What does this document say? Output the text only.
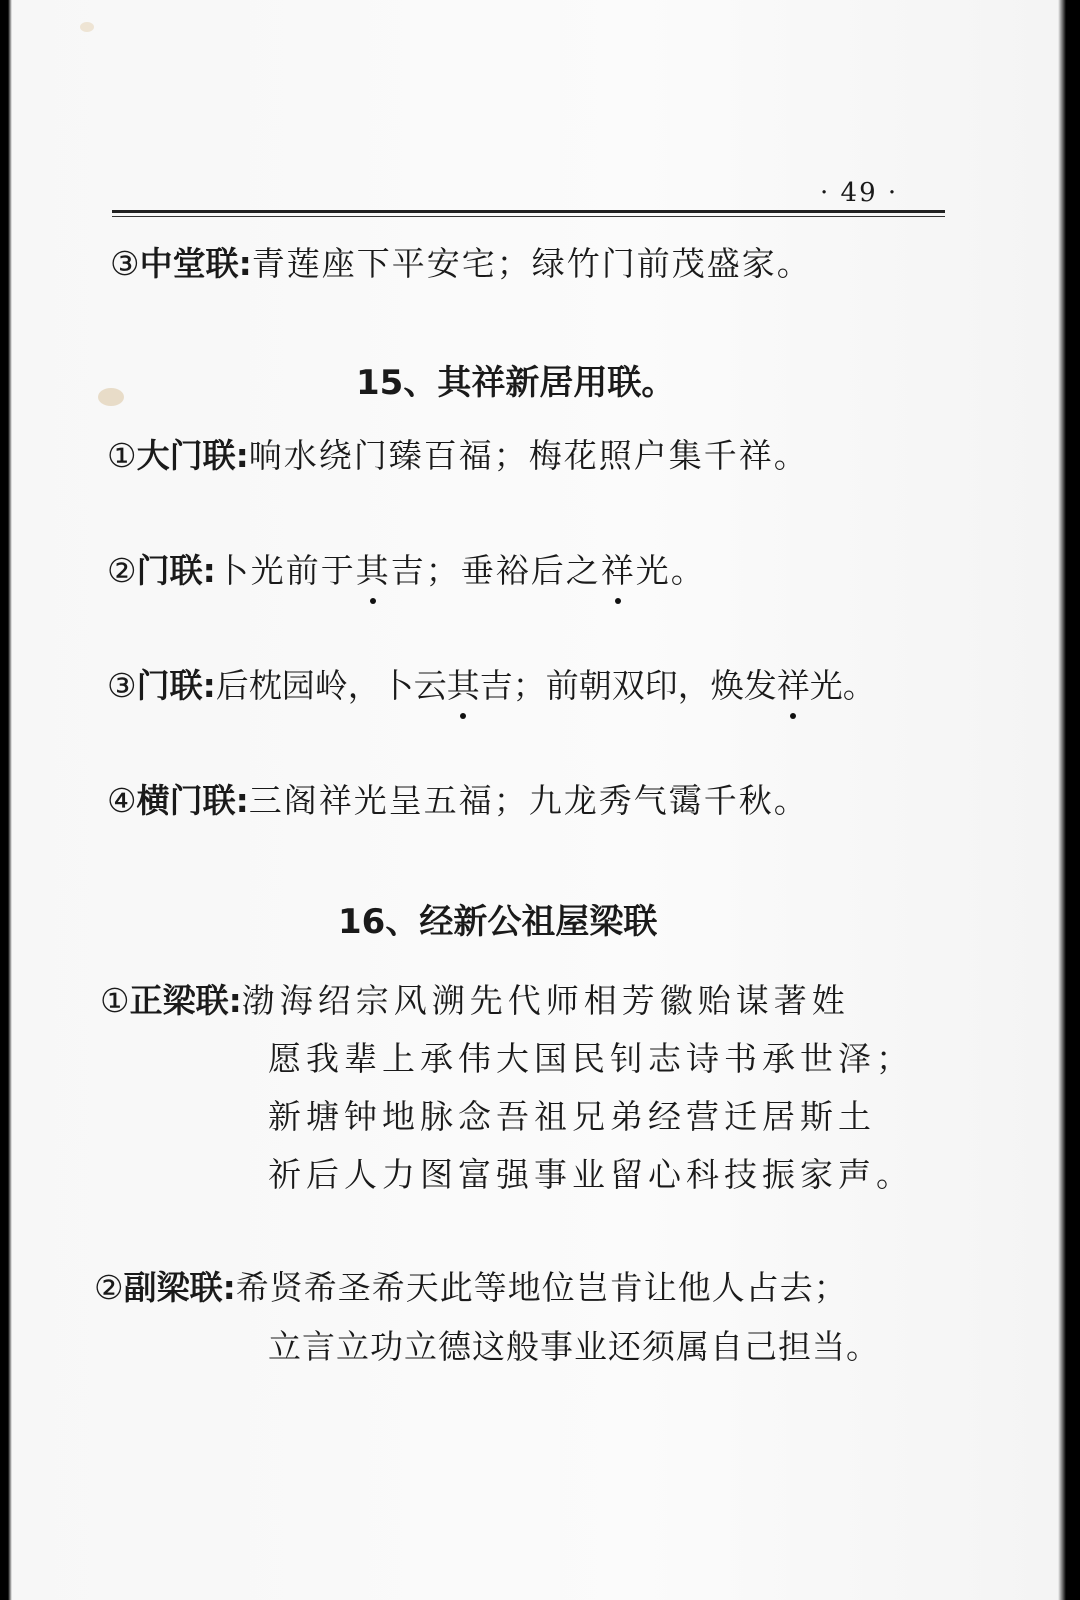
· 49 ·
③中堂联:青莲座下平安宅；绿竹门前茂盛家。
15、其祥新居用联。
①大门联:响水绕门臻百福；梅花照户集千祥。
②门联:卜光前于其
吉；垂裕后之祥
光。
③门联:后枕园岭，卜云其
吉；前朝双印，焕发祥
光。
④横门联:三阁祥光呈五福；九龙秀气霭千秋。
16、经新公祖屋梁联
①正梁联:渤海绍宗风溯先代师相芳徽贻谋著姓
愿我辈上承伟大国民钊志诗书承世泽；
新塘钟地脉念吾祖兄弟经营迁居斯土
祈后人力图富强事业留心科技振家声。
②副梁联:希贤希圣希天此等地位岂肯让他人占去；
立言立功立德这般事业还须属自己担当。
